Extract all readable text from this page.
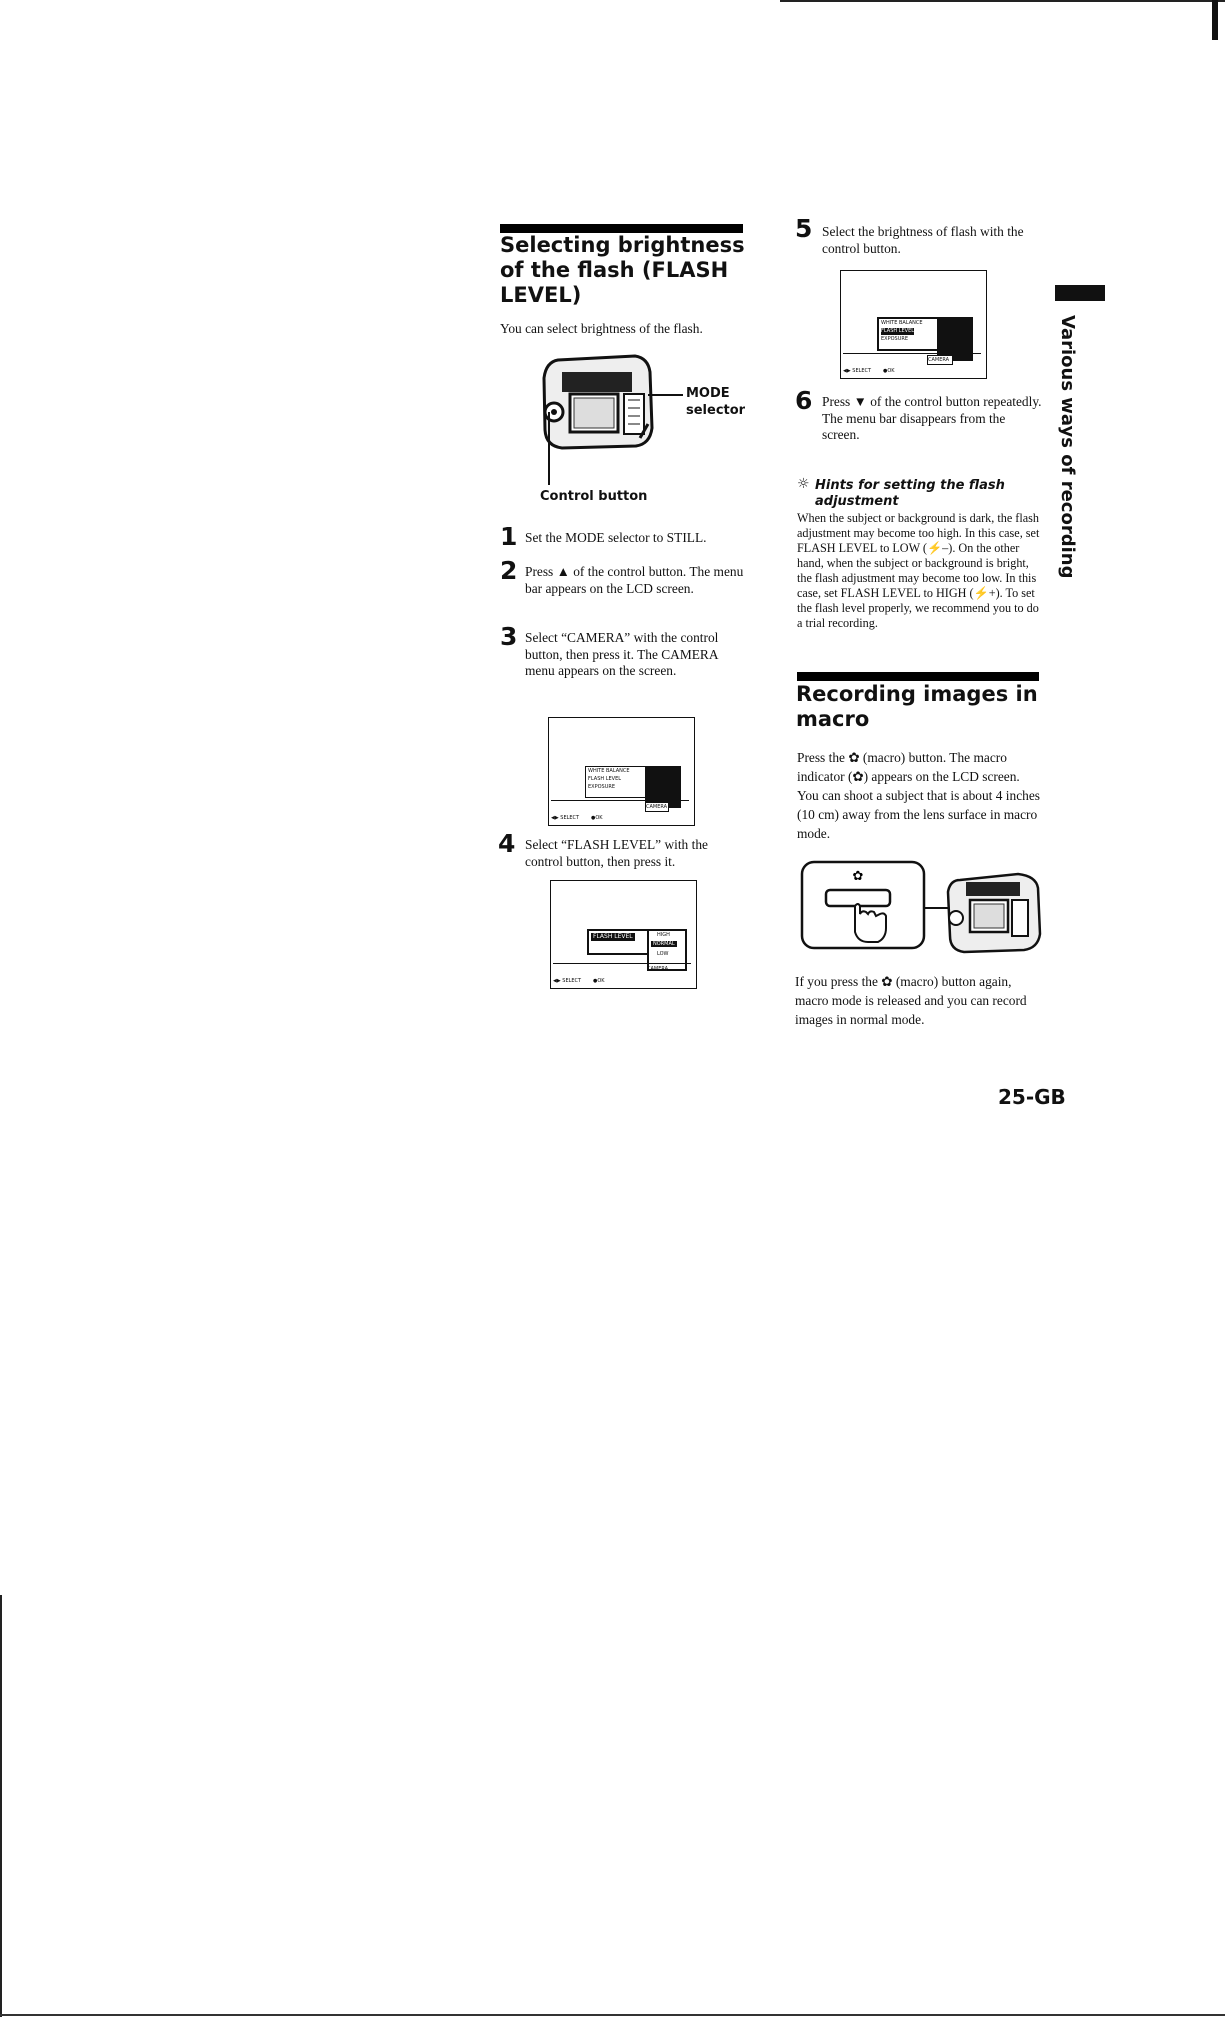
Selecting brightness of the flash (FLASH LEVEL)
You can select brightness of the flash.
MODE
selector
Control button
1 Set the MODE selector to STILL.
2 Press ▲ of the control button. The menu bar appears on the LCD screen.
3 Select “CAMERA” with the control button, then press it. The CAMERA menu appears on the screen.
WHITE BALANCE
FLASH LEVEL
EXPOSURE
CAMERA
◀▶ SELECT ●OK
4 Select “FLASH LEVEL” with the control button, then press it.
FLASH LEVEL	HIGH
NORMAL
LOW
CAMERA
◀▶ SELECT ●OK
5 Select the brightness of flash with the control button.
WHITE BALANCE
FLASH LEVEL
EXPOSURE
CAMERA
◀▶ SELECT ●OK
6 Press ▼ of the control button repeatedly. The menu bar disappears from the screen.
☼ Hints for setting the flash
adjustment
When the subject or background is dark, the flash adjustment may become too high. In this case, set FLASH LEVEL to LOW (⚡–). On the other hand, when the subject or background is bright, the flash adjustment may become too low. In this case, set FLASH LEVEL to HIGH (⚡+). To set the flash level properly, we recommend you to do a trial recording.
Recording images in macro
Press the ✿ (macro) button. The macro indicator (✿) appears on the LCD screen. You can shoot a subject that is about 4 inches (10 cm) away from the lens surface in macro mode.
✿
If you press the ✿ (macro) button again, macro mode is released and you can record images in normal mode.
Various ways of recording
25-GB
